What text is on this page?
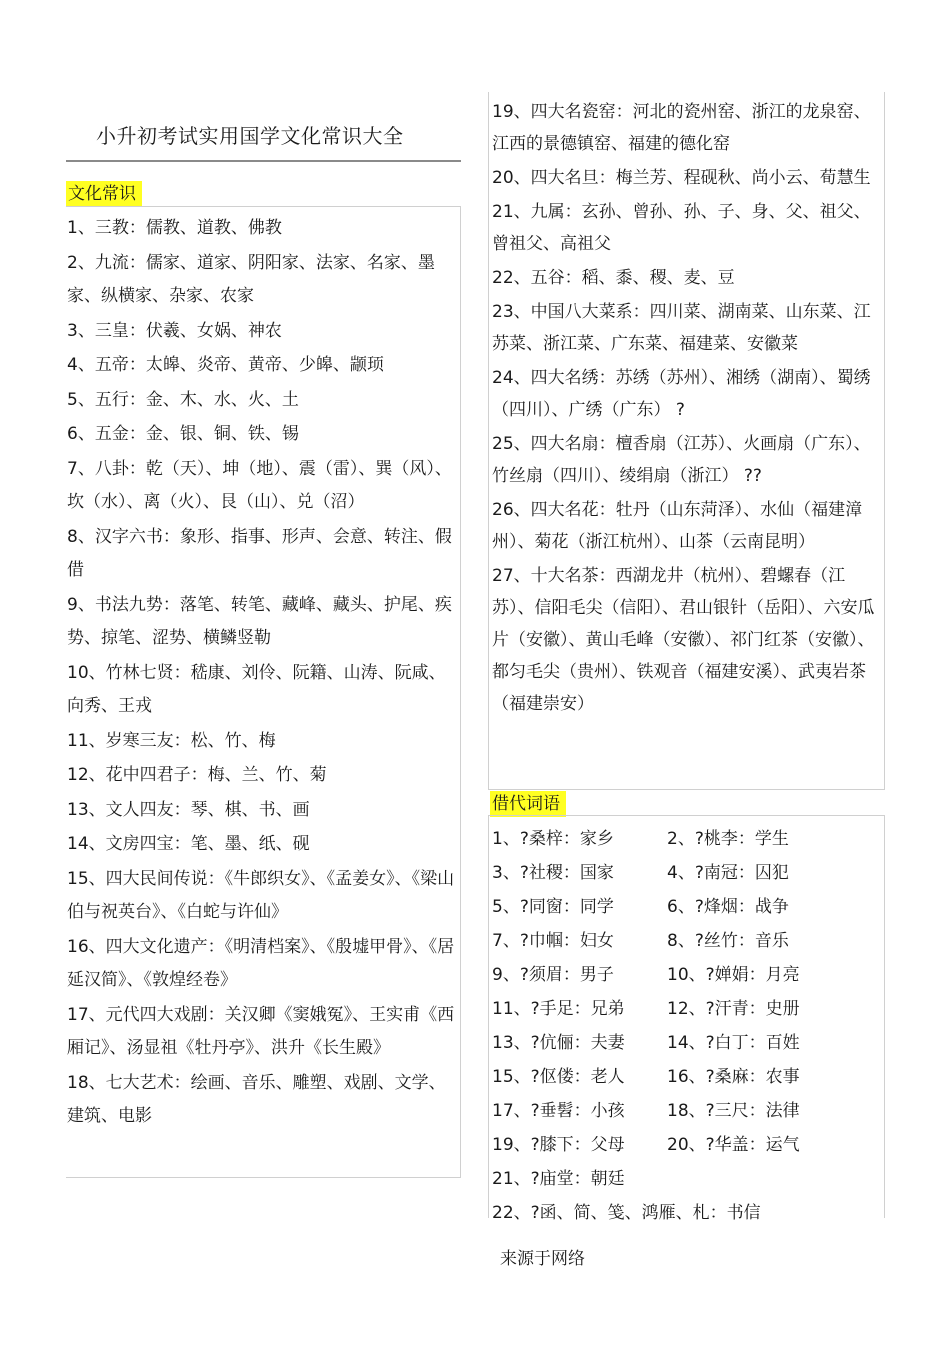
小升初考试实用国学文化常识大全
文化常识

1、三教：儒教、道教、佛教

2、九流：儒家、道家、阴阳家、法家、名家、墨家、纵横家、杂家、农家

3、三皇：伏羲、女娲、神农

4、五帝：太皞、炎帝、黄帝、少皞、颛顼

5、五行：金、木、水、火、土

6、五金：金、银、铜、铁、锡

7、八卦：乾（天）、坤（地）、震（雷）、巽（风）、坎（水）、离（火）、艮（山）、兑（沼）

8、汉字六书：象形、指事、形声、会意、转注、假借

9、书法九势：落笔、转笔、藏峰、藏头、护尾、疾势、掠笔、涩势、横鳞竖勒

10、竹林七贤：嵇康、刘伶、阮籍、山涛、阮咸、向秀、王戎

11、岁寒三友：松、竹、梅

12、花中四君子：梅、兰、竹、菊

13、文人四友：琴、棋、书、画

14、文房四宝：笔、墨、纸、砚

15、四大民间传说：《牛郎织女》、《孟姜女》、《梁山伯与祝英台》、《白蛇与许仙》

16、四大文化遗产：《明清档案》、《殷墟甲骨》、《居延汉简》、《敦煌经卷》

17、元代四大戏剧：关汉卿《窦娥冤》、王实甫《西厢记》、汤显祖《牡丹亭》、洪升《长生殿》

18、七大艺术：绘画、音乐、雕塑、戏剧、文学、建筑、电影

19、四大名瓷窑：河北的瓷州窑、浙江的龙泉窑、江西的景德镇窑、福建的德化窑

20、四大名旦：梅兰芳、程砚秋、尚小云、荀慧生

21、九属：玄孙、曾孙、孙、子、身、父、祖父、曾祖父、高祖父

22、五谷：稻、黍、稷、麦、豆

23、中国八大菜系：四川菜、湖南菜、山东菜、江苏菜、浙江菜、广东菜、福建菜、安徽菜

24、四大名绣：苏绣（苏州）、湘绣（湖南）、蜀绣（四川）、广绣（广东） ?

25、四大名扇：檀香扇（江苏）、火画扇（广东）、竹丝扇（四川）、绫绢扇（浙江） ??

26、四大名花：牡丹（山东菏泽）、水仙（福建漳州）、菊花（浙江杭州）、山茶（云南昆明）

27、十大名茶：西湖龙井（杭州）、碧螺春（江苏）、信阳毛尖（信阳）、君山银针（岳阳）、六安瓜片（安徽）、黄山毛峰（安徽）、祁门红茶（安徽）、都匀毛尖（贵州）、铁观音（福建安溪）、武夷岩茶（福建崇安）

借代词语
1、?桑梓：家乡	2、?桃李：学生
3、?社稷：国家	4、?南冠：囚犯
5、?同窗：同学	6、?烽烟：战争
7、?巾帼：妇女	8、?丝竹：音乐
9、?须眉：男子	10、?婵娟：月亮
11、?手足：兄弟 12、?汗青：史册
13、?伉俪：夫妻 14、?白丁：百姓
15、?伛偻：老人 16、?桑麻：农事
17、?垂髫：小孩 18、?三尺：法律
19、?膝下：父母 20、?华盖：运气
21、?庙堂：朝廷
22、?函、简、笺、鸿雁、札：书信
来源于网络
